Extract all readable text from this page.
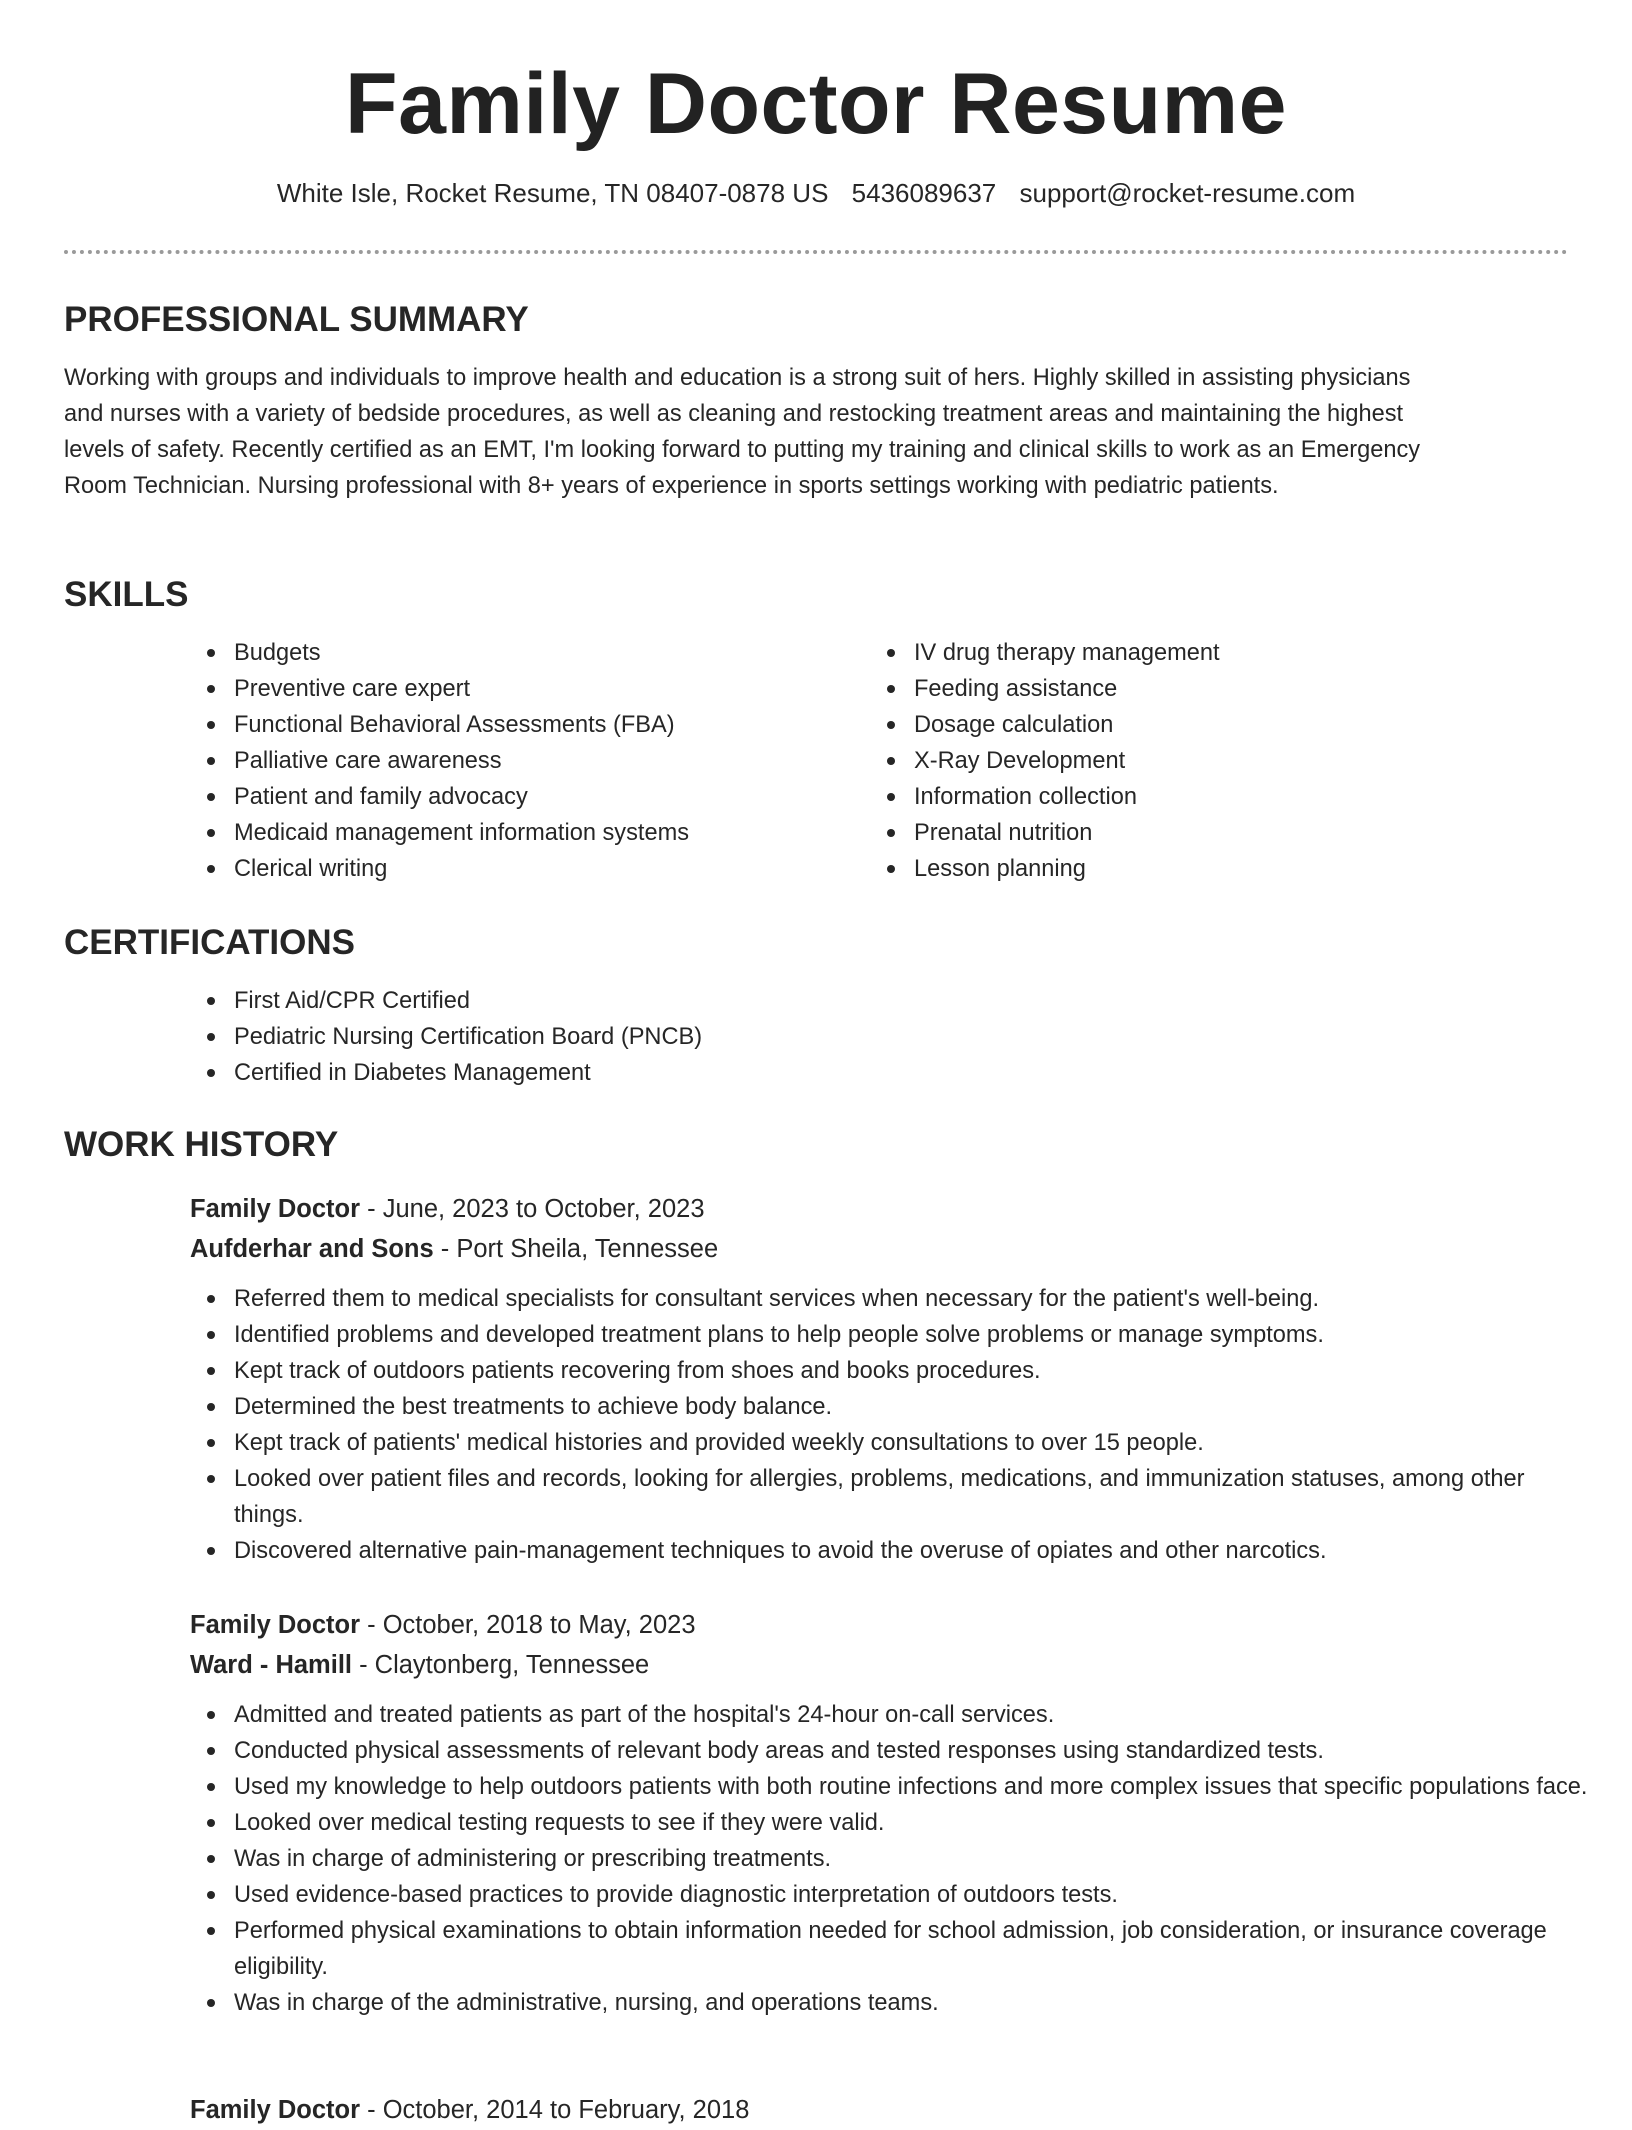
Family Doctor Resume
White Isle, Rocket Resume, TN 08407-0878 US 5436089637 support@rocket-resume.com
PROFESSIONAL SUMMARY

Working with groups and individuals to improve health and education is a strong suit of hers. Highly skilled in assisting physicians and nurses with a variety of bedside procedures, as well as cleaning and restocking treatment areas and maintaining the highest levels of safety. Recently certified as an EMT, I'm looking forward to putting my training and clinical skills to work as an Emergency Room Technician. Nursing professional with 8+ years of experience in sports settings working with pediatric patients.

SKILLS
Budgets
Preventive care expert
Functional Behavioral Assessments (FBA)
Palliative care awareness
Patient and family advocacy
Medicaid management information systems
Clerical writing
IV drug therapy management
Feeding assistance
Dosage calculation
X-Ray Development
Information collection
Prenatal nutrition
Lesson planning
CERTIFICATIONS
First Aid/CPR Certified
Pediatric Nursing Certification Board (PNCB)
Certified in Diabetes Management
WORK HISTORY
Family Doctor - June, 2023 to October, 2023
Aufderhar and Sons - Port Sheila, Tennessee
Referred them to medical specialists for consultant services when necessary for the patient's well-being.
Identified problems and developed treatment plans to help people solve problems or manage symptoms.
Kept track of outdoors patients recovering from shoes and books procedures.
Determined the best treatments to achieve body balance.
Kept track of patients' medical histories and provided weekly consultations to over 15 people.
Looked over patient files and records, looking for allergies, problems, medications, and immunization statuses, among other things.
Discovered alternative pain-management techniques to avoid the overuse of opiates and other narcotics.
Family Doctor - October, 2018 to May, 2023
Ward - Hamill - Claytonberg, Tennessee
Admitted and treated patients as part of the hospital's 24-hour on-call services.
Conducted physical assessments of relevant body areas and tested responses using standardized tests.
Used my knowledge to help outdoors patients with both routine infections and more complex issues that specific populations face.
Looked over medical testing requests to see if they were valid.
Was in charge of administering or prescribing treatments.
Used evidence-based practices to provide diagnostic interpretation of outdoors tests.
Performed physical examinations to obtain information needed for school admission, job consideration, or insurance coverage eligibility.
Was in charge of the administrative, nursing, and operations teams.
Family Doctor - October, 2014 to February, 2018
